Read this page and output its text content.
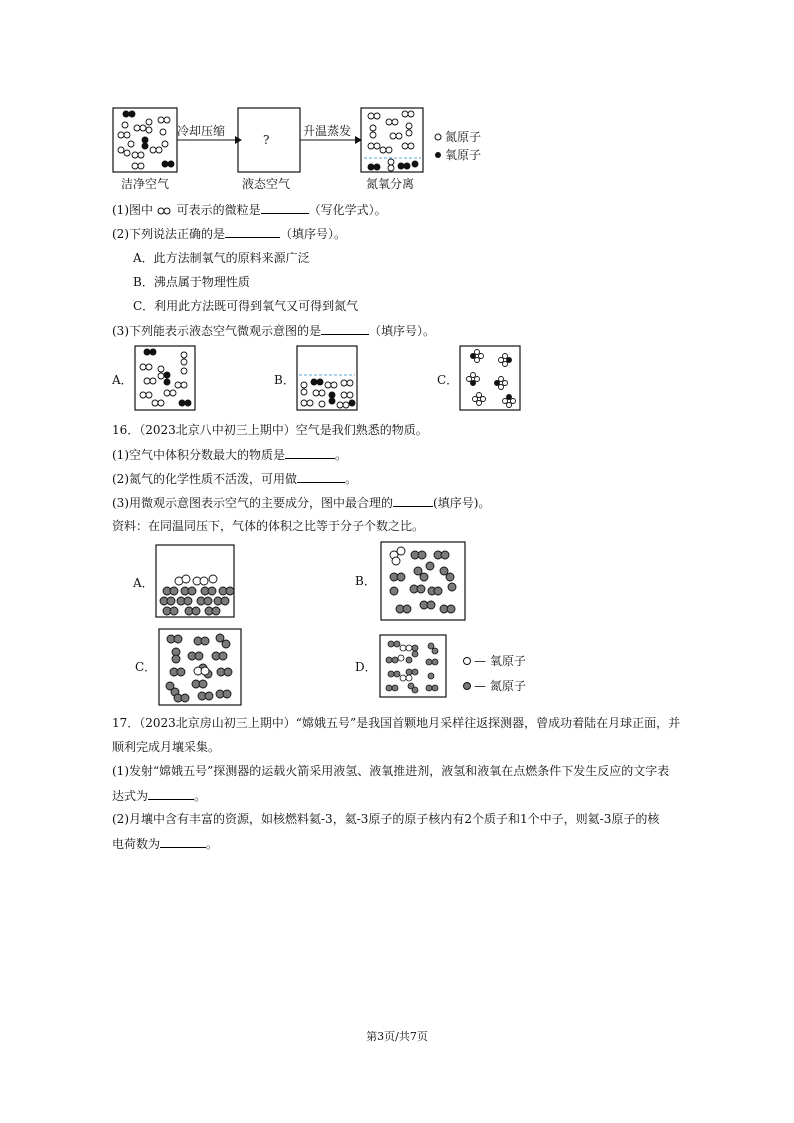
冷却压缩
?
升温蒸发	氮原子
氧原子
洁净空气	液态空气	氮氧分离
(1)图中 可表示的微粒是	（写化学式）。
(2)下列说法正确的是	（填序号）。
A．此方法制氧气的原料来源广泛
B．沸点属于物理性质
C．利用此方法既可得到氧气又可得到氮气
(3)下列能表示液态空气微观示意图的是	（填序号）。
A．	B．	C．
16．（2023北京八中初三上期中）空气是我们熟悉的物质。
(1)空气中体积分数最大的物质是	。
(2)氮气的化学性质不活泼，可用做	。
(3)用微观示意图表示空气的主要成分，图中最合理的	(填序号)。
资料：在同温同压下，气体的体积之比等于分子个数之比。
A．	B．
C．	D．	— 氧原子
— 氮原子
17．（2023北京房山初三上期中）“嫦娥五号”是我国首颗地月采样往返探测器，曾成功着陆在月球正面，并
顺利完成月壤采集。
(1)发射“嫦娥五号”探测器的运载火箭采用液氢、液氧推进剂，液氢和液氧在点燃条件下发生反应的文字表
达式为	。
(2)月壤中含有丰富的资源，如核燃料氦-3，氦-3原子的原子核内有2个质子和1个中子，则氦-3原子的核
电荷数为	。
第3页/共7页
